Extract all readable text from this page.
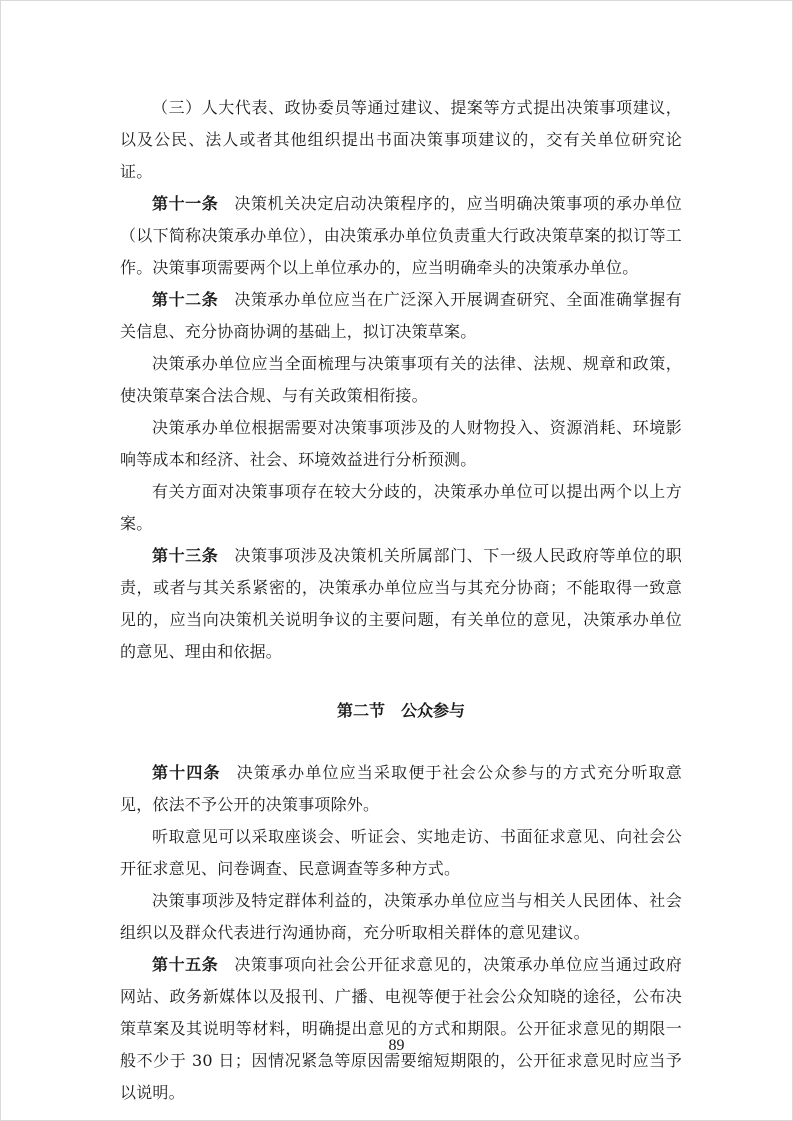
（三）人大代表、政协委员等通过建议、提案等方式提出决策事项建议，以及公民、法人或者其他组织提出书面决策事项建议的，交有关单位研究论证。

第十一条 决策机关决定启动决策程序的，应当明确决策事项的承办单位（以下简称决策承办单位），由决策承办单位负责重大行政决策草案的拟订等工作。决策事项需要两个以上单位承办的，应当明确牵头的决策承办单位。

第十二条 决策承办单位应当在广泛深入开展调查研究、全面准确掌握有关信息、充分协商协调的基础上，拟订决策草案。

决策承办单位应当全面梳理与决策事项有关的法律、法规、规章和政策，使决策草案合法合规、与有关政策相衔接。

决策承办单位根据需要对决策事项涉及的人财物投入、资源消耗、环境影响等成本和经济、社会、环境效益进行分析预测。

有关方面对决策事项存在较大分歧的，决策承办单位可以提出两个以上方案。

第十三条 决策事项涉及决策机关所属部门、下一级人民政府等单位的职责，或者与其关系紧密的，决策承办单位应当与其充分协商；不能取得一致意见的，应当向决策机关说明争议的主要问题，有关单位的意见，决策承办单位的意见、理由和依据。

第二节 公众参与

第十四条 决策承办单位应当采取便于社会公众参与的方式充分听取意见，依法不予公开的决策事项除外。

听取意见可以采取座谈会、听证会、实地走访、书面征求意见、向社会公开征求意见、问卷调查、民意调查等多种方式。

决策事项涉及特定群体利益的，决策承办单位应当与相关人民团体、社会组织以及群众代表进行沟通协商，充分听取相关群体的意见建议。

第十五条 决策事项向社会公开征求意见的，决策承办单位应当通过政府网站、政务新媒体以及报刊、广播、电视等便于社会公众知晓的途径，公布决策草案及其说明等材料，明确提出意见的方式和期限。公开征求意见的期限一般不少于 30 日；因情况紧急等原因需要缩短期限的，公开征求意见时应当予以说明。

89
